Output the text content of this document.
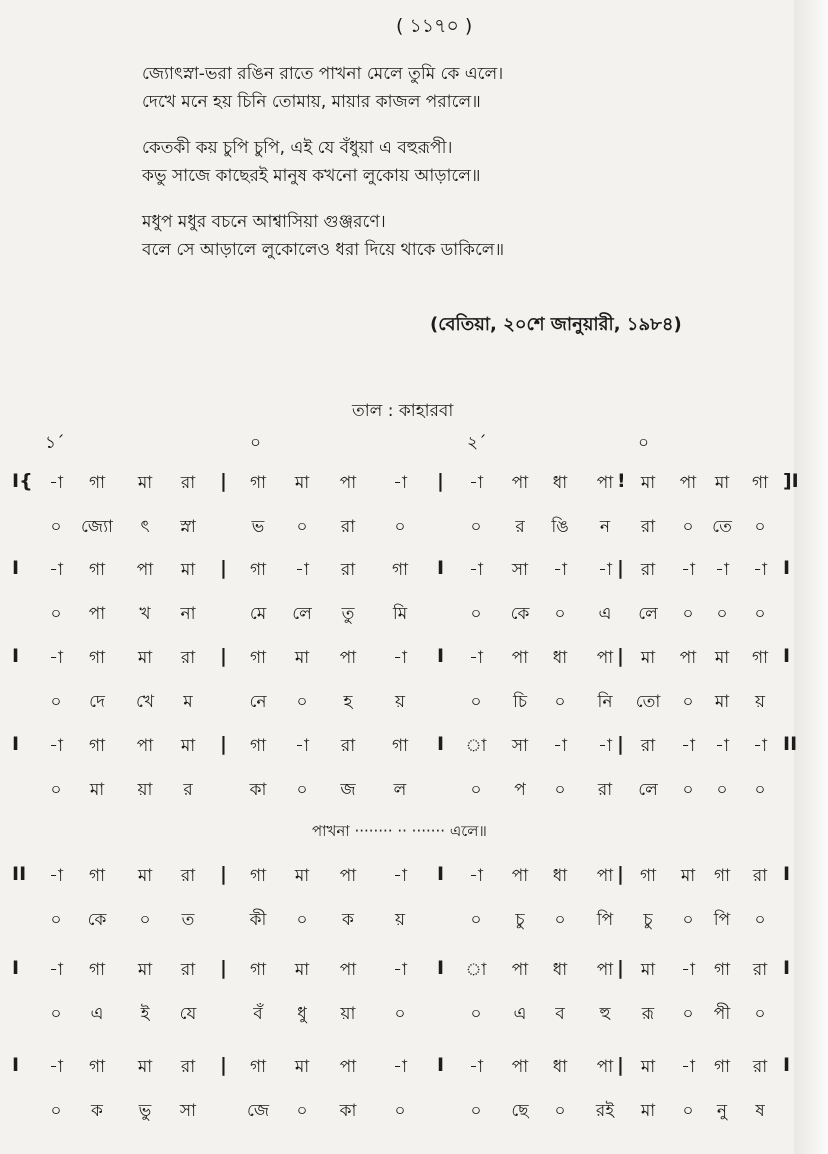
( ১১৭০ )
জ্যোৎস্না-ভরা রঙিন রাতে পাখনা মেলে তুমি কে এলে।
দেখে মনে হয় চিনি তোমায়, মায়ার কাজল পরালে॥
কেতকী কয় চুপি চুপি, এই যে বঁধুয়া এ বহুরূপী।
কভু সাজে কাছেরই মানুষ কখনো লুকোয় আড়ালে॥
মধুপ মধুর বচনে আশ্বাসিয়া গুঞ্জরণে।
বলে সে আড়ালে লুকোলেও ধরা দিয়ে থাকে ডাকিলে॥
(বেতিয়া, ২০শে জানুয়ারী, ১৯৮৪)
তাল : কাহারবা
১´	০	২´	০
I{	|	|	!	]I
-া	গা	মা	রা	গা	মা	পা	-া	-া	পা	ধা	পা	মা	পা	মা	গা
০	জ্যো	ৎ	স্না	ভ	০	রা	০	০	র	ঙি	ন	রা	০	তে	০
I	|	I	|	I
-া	গা	পা	মা	গা	-া	রা	গা	-া	সা	-া	-া	রা	-া	-া	-া
০	পা	খ	না	মে	লে	তু	মি	০	কে	০	এ	লে	০	০	০
I	|	I	|	I
-া	গা	মা	রা	গা	মা	পা	-া	-া	পা	ধা	পা	মা	পা	মা	গা
০	দে	খে	ম	নে	০	হ	য়	০	চি	০	নি	তো	০	মা	য়
I	|	I	|	II
-া	গা	পা	মা	গা	-া	রা	গা	া	সা	-া	-া	রা	-া	-া	-া
০	মা	য়া	র	কা	০	জ	ল	০	প	০	রা	লে	০	০	০
II	|	I	|	I
-া	গা	মা	রা	গা	মা	পা	-া	-া	পা	ধা	পা	গা	মা	গা	রা
০	কে	০	ত	কী	০	ক	য়	০	চু	০	পি	চু	০	পি	০
I	|	I	|	I
-া	গা	মা	রা	গা	মা	পা	-া	া	পা	ধা	পা	মা	-া	গা	রা
০	এ	ই	যে	বঁ	ধু	য়া	০	০	এ	ব	হু	রূ	০	পী	০
I	|	I	|	I
-া	গা	মা	রা	গা	মা	পা	-া	-া	পা	ধা	পা	মা	-া	গা	রা
০	ক	ভু	সা	জে	০	কা	০	০	ছে	০	রই	মা	০	নু	ষ
পাখনা ········ ·· ······· এলে॥
